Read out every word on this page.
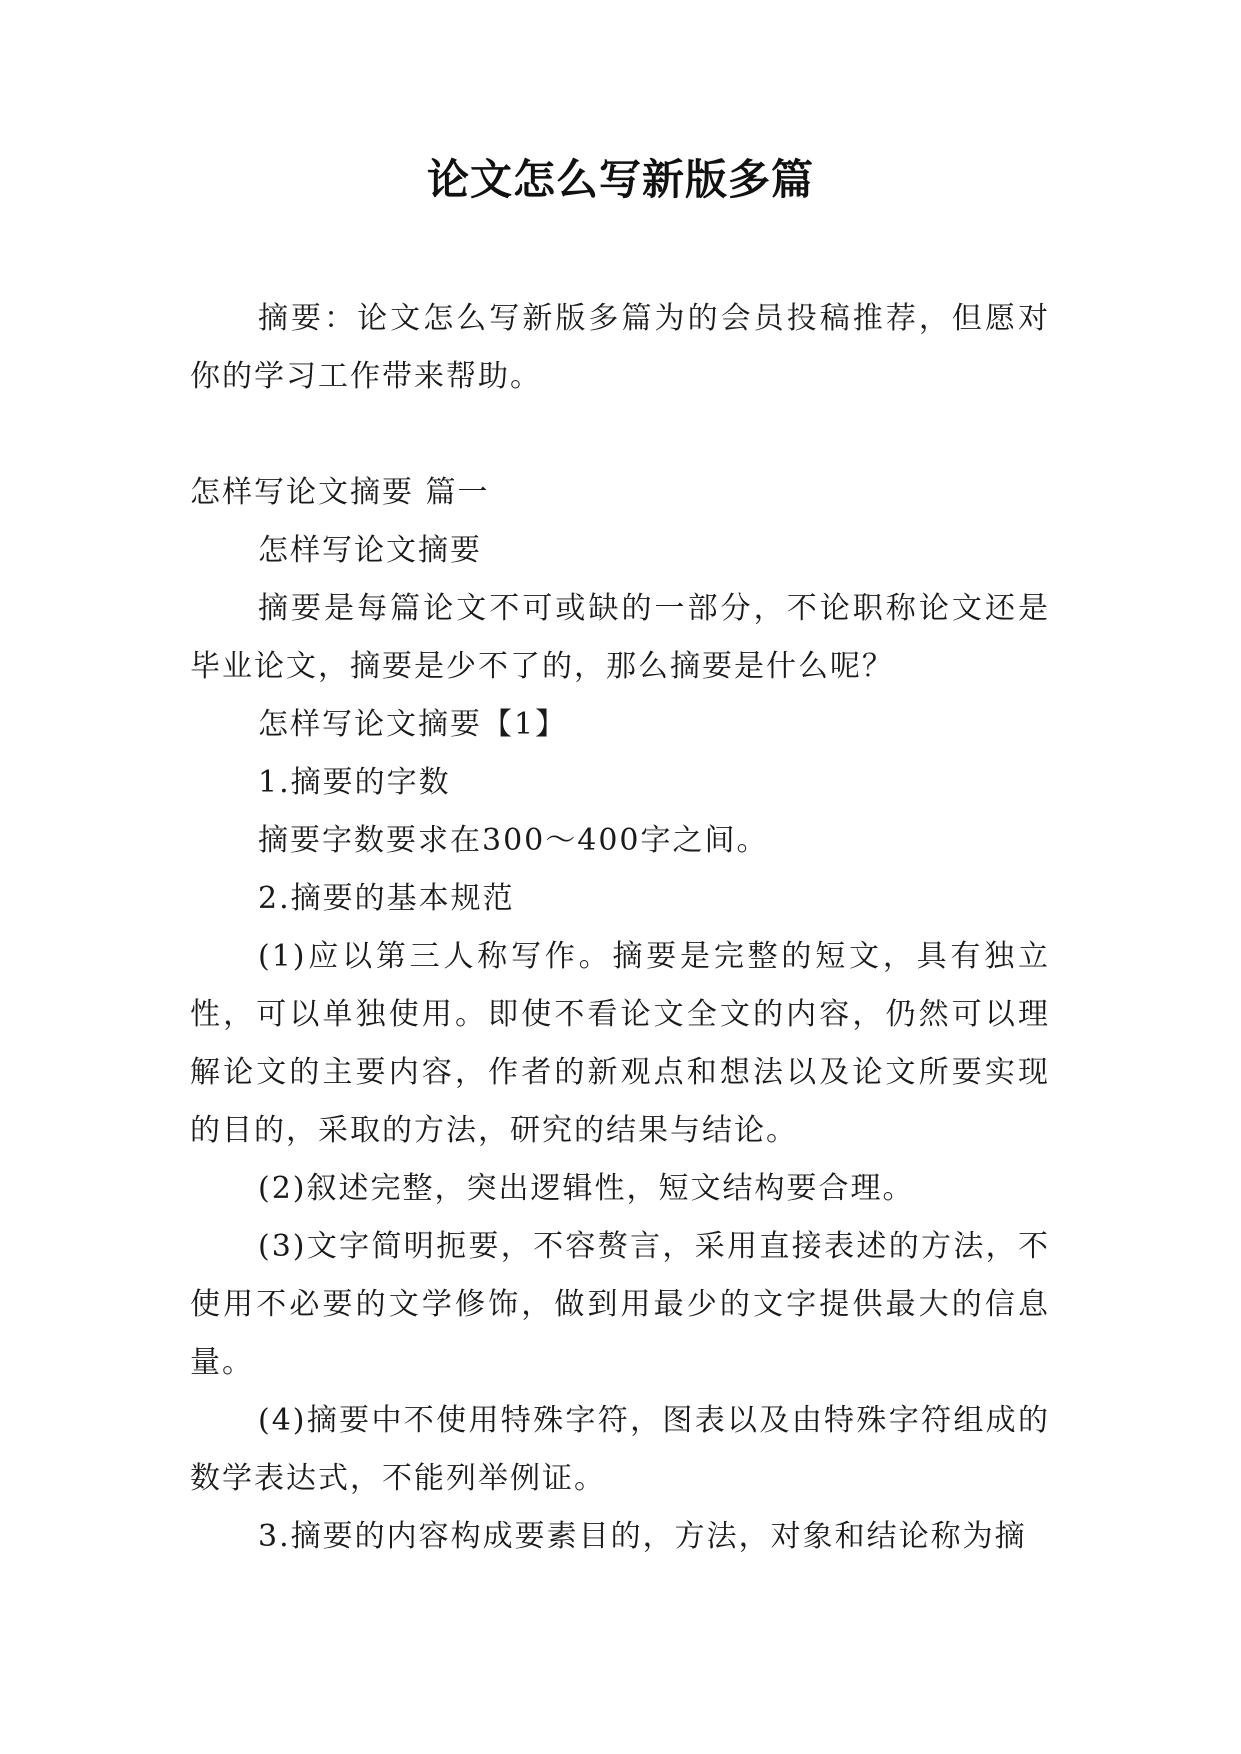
论文怎么写新版多篇

摘要：论文怎么写新版多篇为的会员投稿推荐，但愿对你的学习工作带来帮助。

怎样写论文摘要 篇一

怎样写论文摘要

摘要是每篇论文不可或缺的一部分，不论职称论文还是毕业论文，摘要是少不了的，那么摘要是什么呢？

怎样写论文摘要【1】

1.摘要的字数

摘要字数要求在300～400字之间。

2.摘要的基本规范

(1)应以第三人称写作。摘要是完整的短文，具有独立性，可以单独使用。即使不看论文全文的内容，仍然可以理解论文的主要内容，作者的新观点和想法以及论文所要实现的目的，采取的方法，研究的结果与结论。

(2)叙述完整，突出逻辑性，短文结构要合理。

(3)文字简明扼要，不容赘言，采用直接表述的方法，不使用不必要的文学修饰，做到用最少的文字提供最大的信息量。

(4)摘要中不使用特殊字符，图表以及由特殊字符组成的数学表达式，不能列举例证。

3.摘要的内容构成要素目的，方法，对象和结论称为摘
